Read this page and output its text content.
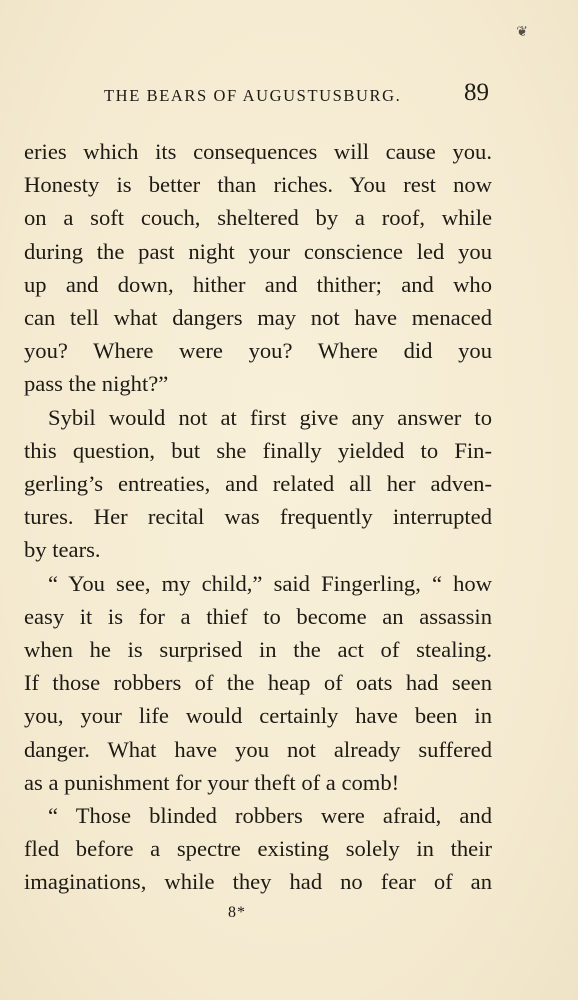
❦
THE BEARS OF AUGUSTUSBURG.	89
eries which its consequences will cause you.
Honesty is better than riches. You rest now
on a soft couch, sheltered by a roof, while
during the past night your conscience led you
up and down, hither and thither; and who
can tell what dangers may not have menaced
you? Where were you? Where did you
pass the night?”
Sybil would not at first give any answer to
this question, but she finally yielded to Fin-
gerling’s entreaties, and related all her adven-
tures. Her recital was frequently interrupted
by tears.
“ You see, my child,” said Fingerling, “ how
easy it is for a thief to become an assassin
when he is surprised in the act of stealing.
If those robbers of the heap of oats had seen
you, your life would certainly have been in
danger. What have you not already suffered
as a punishment for your theft of a comb!
“ Those blinded robbers were afraid, and
fled before a spectre existing solely in their
imaginations, while they had no fear of an
8*
